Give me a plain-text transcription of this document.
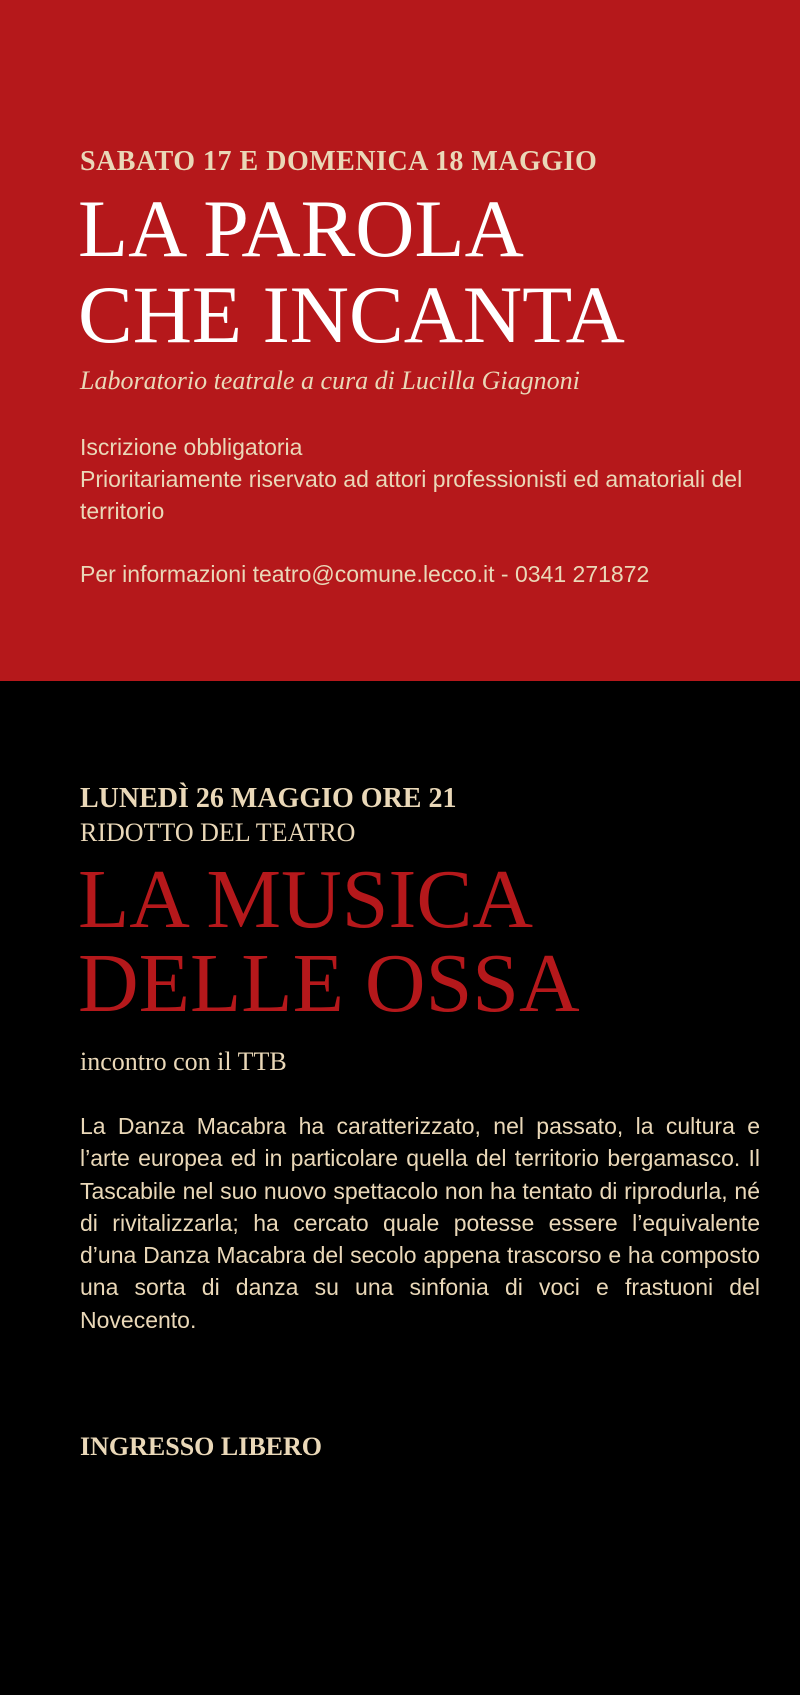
SABATO 17 E DOMENICA 18 MAGGIO
LA PAROLA
CHE INCANTA
Laboratorio teatrale a cura di Lucilla Giagnoni
Iscrizione obbligatoria
Prioritariamente riservato ad attori professionisti ed amatoriali del territorio
Per informazioni teatro@comune.lecco.it - 0341 271872
LUNEDÌ 26 MAGGIO ORE 21
RIDOTTO DEL TEATRO
LA MUSICA
DELLE OSSA
incontro con il TTB

La Danza Macabra ha caratterizzato, nel passato, la cultura e l’arte europea ed in particolare quella del territorio bergamasco. Il Tascabile nel suo nuovo spettacolo non ha tentato di riprodurla, né di rivitalizzarla; ha cercato quale potesse essere l’equivalente d’una Danza Macabra del secolo appena trascorso e ha composto una sorta di danza su una sinfonia di voci e frastuoni del Novecento.

INGRESSO LIBERO
